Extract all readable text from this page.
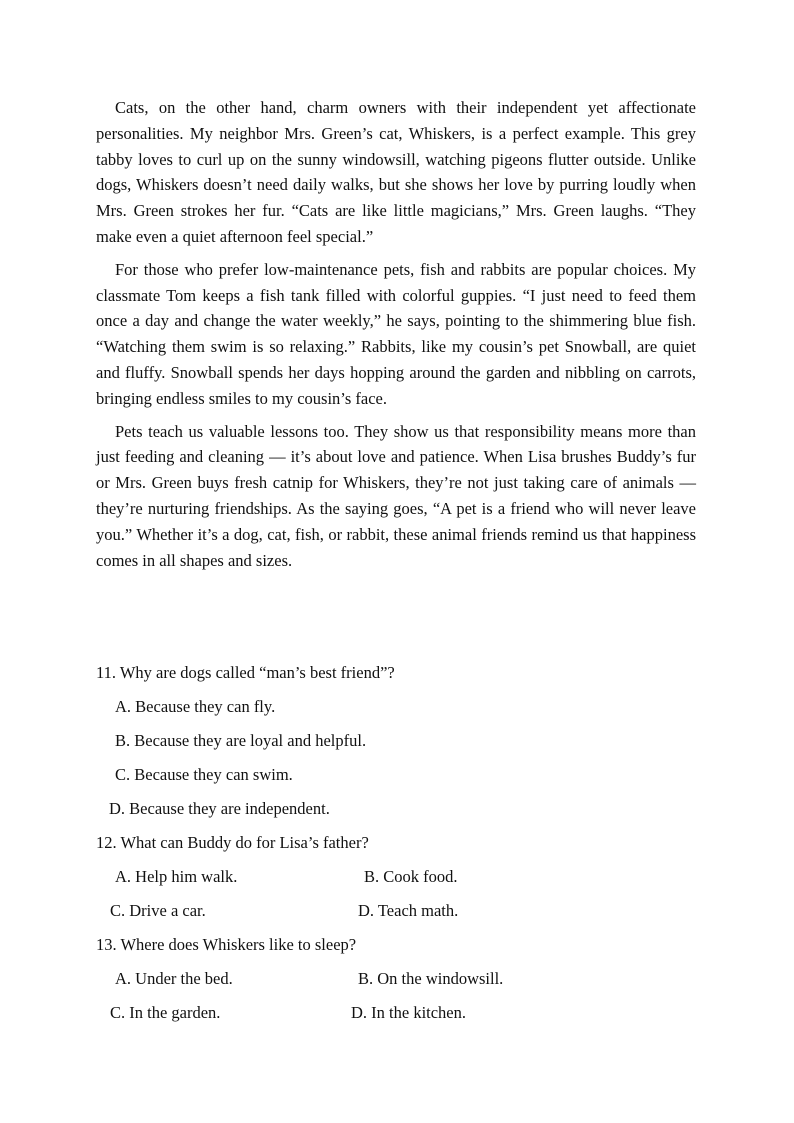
Cats, on the other hand, charm owners with their independent yet affectionate personalities. My neighbor Mrs. Green’s cat, Whiskers, is a perfect example. This grey tabby loves to curl up on the sunny windowsill, watching pigeons flutter outside. Unlike dogs, Whiskers doesn’t need daily walks, but she shows her love by purring loudly when Mrs. Green strokes her fur. “Cats are like little magicians,” Mrs. Green laughs. “They make even a quiet afternoon feel special.”

For those who prefer low-maintenance pets, fish and rabbits are popular choices. My classmate Tom keeps a fish tank filled with colorful guppies. “I just need to feed them once a day and change the water weekly,” he says, pointing to the shimmering blue fish. “Watching them swim is so relaxing.” Rabbits, like my cousin’s pet Snowball, are quiet and fluffy. Snowball spends her days hopping around the garden and nibbling on carrots, bringing endless smiles to my cousin’s face.

Pets teach us valuable lessons too. They show us that responsibility means more than just feeding and cleaning — it’s about love and patience. When Lisa brushes Buddy’s fur or Mrs. Green buys fresh catnip for Whiskers, they’re not just taking care of animals — they’re nurturing friendships. As the saying goes, “A pet is a friend who will never leave you.” Whether it’s a dog, cat, fish, or rabbit, these animal friends remind us that happiness comes in all shapes and sizes.

11. Why are dogs called “man’s best friend”?
A. Because they can fly.
B. Because they are loyal and helpful.
C. Because they can swim.
D. Because they are independent.
12. What can Buddy do for Lisa’s father?
A. Help him walk.	B. Cook food.
C. Drive a car.	D. Teach math.
13. Where does Whiskers like to sleep?
A. Under the bed.	B. On the windowsill.
C. In the garden.	D. In the kitchen.
